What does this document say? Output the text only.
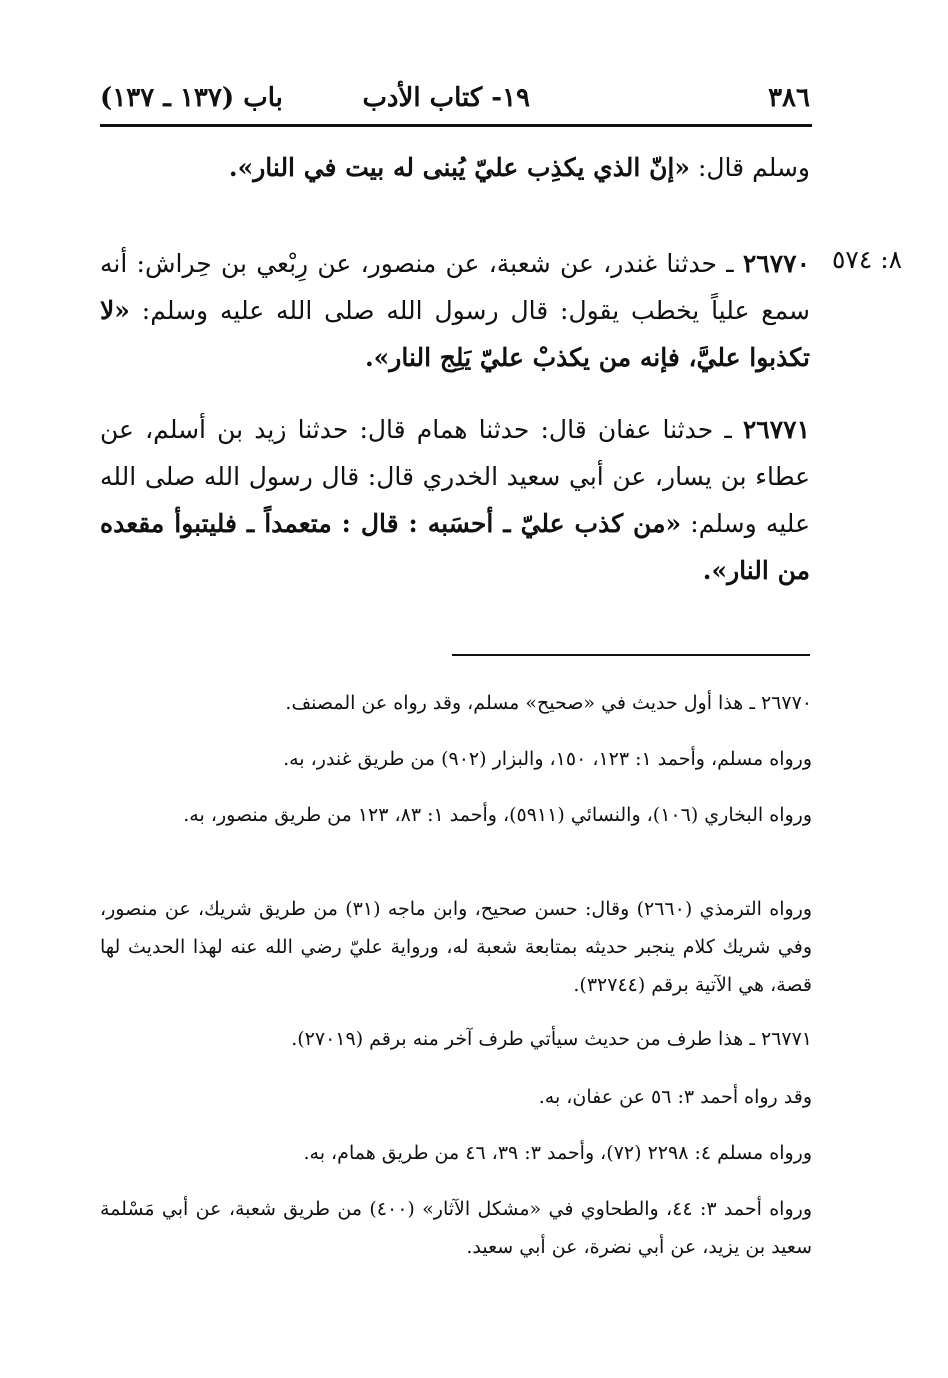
٣٨٦
١٩- كتاب الأدب
باب (١٣٧ ـ ١٣٧)
٨: ٥٧٤

وسلم قال: «إنّ الذي يكذِب عليّ يُبنى له بيت في النار».

٢٦٧٧٠ ـ حدثنا غندر، عن شعبة، عن منصور، عن رِبْعي بن حِراش: أنه سمع علياً يخطب يقول: قال رسول الله صلى الله عليه وسلم: «لا تكذبوا عليَّ، فإنه من يكذبْ عليّ يَلِج النار».

٢٦٧٧١ ـ حدثنا عفان قال: حدثنا همام قال: حدثنا زيد بن أسلم، عن عطاء بن يسار، عن أبي سعيد الخدري قال: قال رسول الله صلى الله عليه وسلم: «من كذب عليّ ـ أحسَبه : قال : متعمداً ـ فليتبوأ مقعده من النار».

٢٦٧٧٠ ـ هذا أول حديث في «صحيح» مسلم، وقد رواه عن المصنف.

ورواه مسلم، وأحمد ١: ١٢٣، ١٥٠، والبزار (٩٠٢) من طريق غندر، به.

ورواه البخاري (١٠٦)، والنسائي (٥٩١١)، وأحمد ١: ٨٣، ١٢٣ من طريق منصور، به.

ورواه الترمذي (٢٦٦٠) وقال: حسن صحيح، وابن ماجه (٣١) من طريق شريك، عن منصور، وفي شريك كلام ينجبر حديثه بمتابعة شعبة له، ورواية عليّ رضي الله عنه لهذا الحديث لها قصة، هي الآتية برقم (٣٢٧٤٤).

٢٦٧٧١ ـ هذا طرف من حديث سيأتي طرف آخر منه برقم (٢٧٠١٩).

وقد رواه أحمد ٣: ٥٦ عن عفان، به.

ورواه مسلم ٤: ٢٢٩٨ (٧٢)، وأحمد ٣: ٣٩، ٤٦ من طريق همام، به.

ورواه أحمد ٣: ٤٤، والطحاوي في «مشكل الآثار» (٤٠٠) من طريق شعبة، عن أبي مَسْلمة سعيد بن يزيد، عن أبي نضرة، عن أبي سعيد.
